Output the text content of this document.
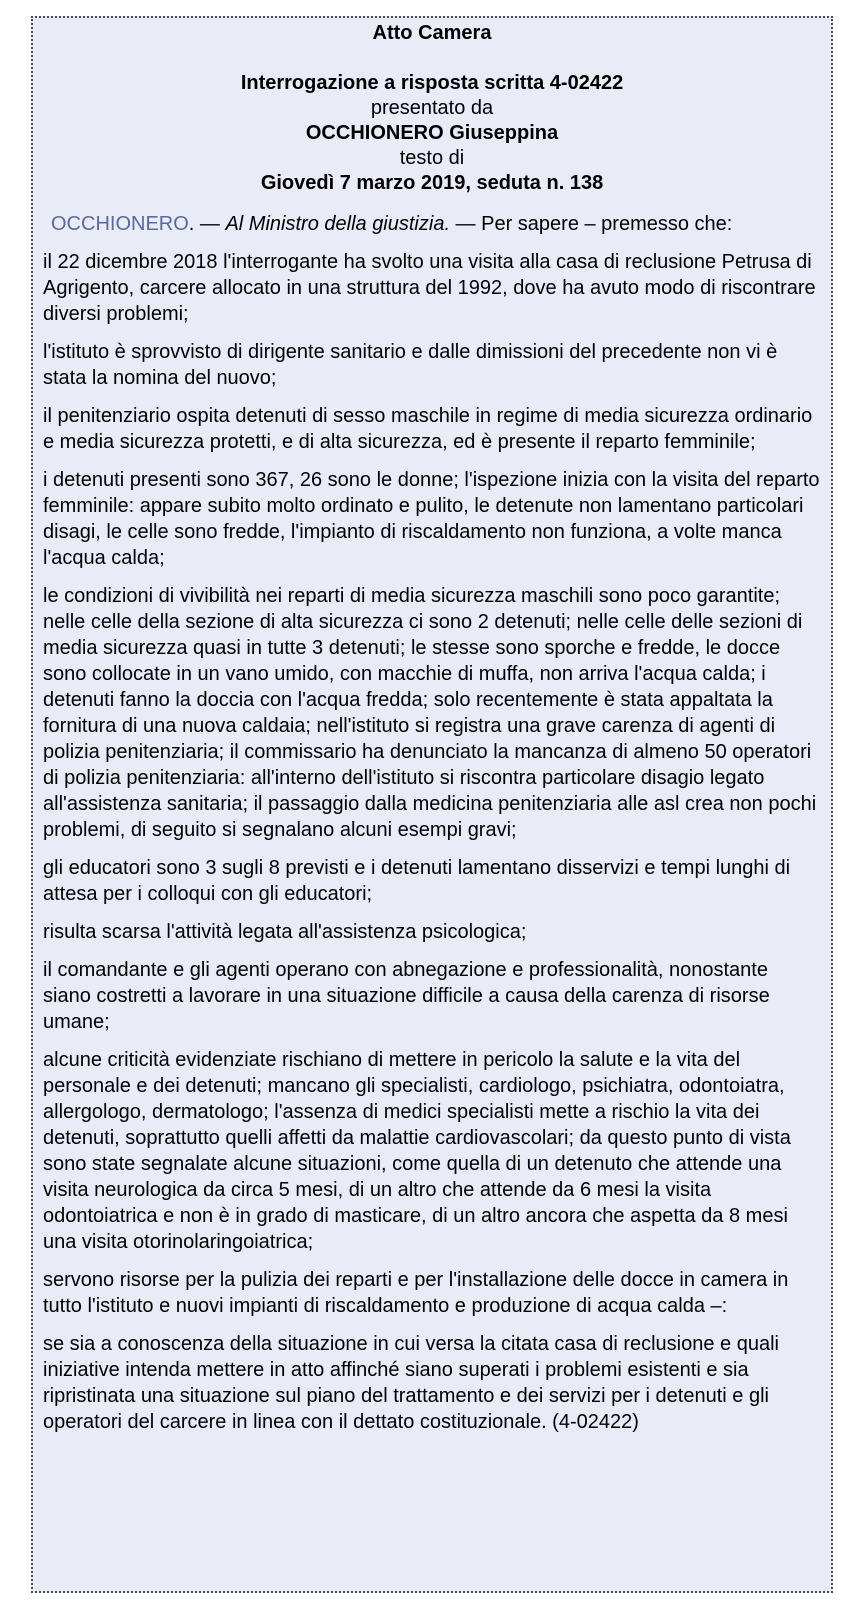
Atto Camera
Interrogazione a risposta scritta 4-02422
presentato da
OCCHIONERO Giuseppina
testo di
Giovedì 7 marzo 2019, seduta n. 138

OCCHIONERO. — Al Ministro della giustizia. — Per sapere – premesso che:

il 22 dicembre 2018 l'interrogante ha svolto una visita alla casa di reclusione Petrusa di Agrigento, carcere allocato in una struttura del 1992, dove ha avuto modo di riscontrare diversi problemi;

l'istituto è sprovvisto di dirigente sanitario e dalle dimissioni del precedente non vi è stata la nomina del nuovo;

il penitenziario ospita detenuti di sesso maschile in regime di media sicurezza ordinario e media sicurezza protetti, e di alta sicurezza, ed è presente il reparto femminile;

i detenuti presenti sono 367, 26 sono le donne; l'ispezione inizia con la visita del reparto femminile: appare subito molto ordinato e pulito, le detenute non lamentano particolari disagi, le celle sono fredde, l'impianto di riscaldamento non funziona, a volte manca l'acqua calda;

le condizioni di vivibilità nei reparti di media sicurezza maschili sono poco garantite; nelle celle della sezione di alta sicurezza ci sono 2 detenuti; nelle celle delle sezioni di media sicurezza quasi in tutte 3 detenuti; le stesse sono sporche e fredde, le docce sono collocate in un vano umido, con macchie di muffa, non arriva l'acqua calda; i detenuti fanno la doccia con l'acqua fredda; solo recentemente è stata appaltata la fornitura di una nuova caldaia; nell'istituto si registra una grave carenza di agenti di polizia penitenziaria; il commissario ha denunciato la mancanza di almeno 50 operatori di polizia penitenziaria: all'interno dell'istituto si riscontra particolare disagio legato all'assistenza sanitaria; il passaggio dalla medicina penitenziaria alle asl crea non pochi problemi, di seguito si segnalano alcuni esempi gravi;

gli educatori sono 3 sugli 8 previsti e i detenuti lamentano disservizi e tempi lunghi di attesa per i colloqui con gli educatori;

risulta scarsa l'attività legata all'assistenza psicologica;

il comandante e gli agenti operano con abnegazione e professionalità, nonostante siano costretti a lavorare in una situazione difficile a causa della carenza di risorse umane;

alcune criticità evidenziate rischiano di mettere in pericolo la salute e la vita del personale e dei detenuti; mancano gli specialisti, cardiologo, psichiatra, odontoiatra, allergologo, dermatologo; l'assenza di medici specialisti mette a rischio la vita dei detenuti, soprattutto quelli affetti da malattie cardiovascolari; da questo punto di vista sono state segnalate alcune situazioni, come quella di un detenuto che attende una visita neurologica da circa 5 mesi, di un altro che attende da 6 mesi la visita odontoiatrica e non è in grado di masticare, di un altro ancora che aspetta da 8 mesi una visita otorinolaringoiatrica;

servono risorse per la pulizia dei reparti e per l'installazione delle docce in camera in tutto l'istituto e nuovi impianti di riscaldamento e produzione di acqua calda –:

se sia a conoscenza della situazione in cui versa la citata casa di reclusione e quali iniziative intenda mettere in atto affinché siano superati i problemi esistenti e sia ripristinata una situazione sul piano del trattamento e dei servizi per i detenuti e gli operatori del carcere in linea con il dettato costituzionale. (4-02422)
